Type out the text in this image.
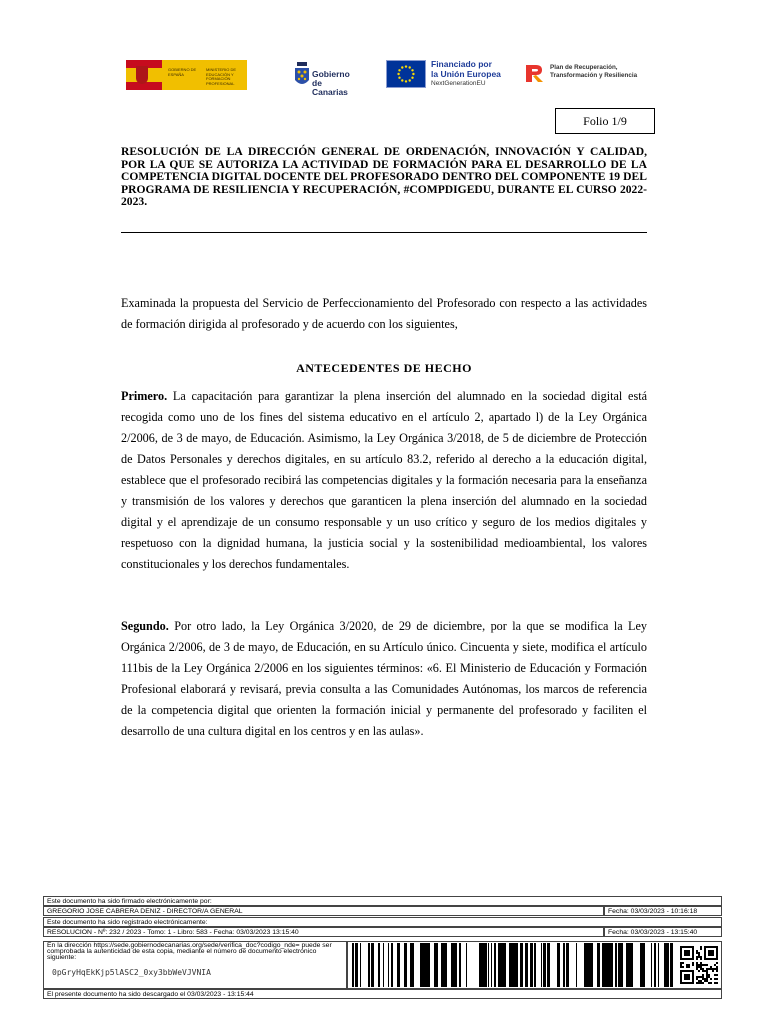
GOBIERNO DE ESPAÑA
MINISTERIO DE EDUCACIÓN Y FORMACIÓN PROFESIONAL
Gobierno
de Canarias
Financiado por
la Unión Europea
NextGenerationEU
Plan de Recuperación,
Transformación y Resiliencia
Folio 1/9
RESOLUCIÓN DE LA DIRECCIÓN GENERAL DE ORDENACIÓN, INNOVACIÓN Y CALIDAD, POR LA QUE SE AUTORIZA LA ACTIVIDAD DE FORMACIÓN PARA EL DESARROLLO DE LA COMPETENCIA DIGITAL DOCENTE DEL PROFESORADO DENTRO DEL COMPONENTE 19 DEL PROGRAMA DE RESILIENCIA Y RECUPERACIÓN, #COMPDIGEDU, DURANTE EL CURSO 2022-2023.

Examinada la propuesta del Servicio de Perfeccionamiento del Profesorado con respecto a las actividades de formación dirigida al profesorado y de acuerdo con los siguientes,

ANTECEDENTES DE HECHO

Primero. La capacitación para garantizar la plena inserción del alumnado en la sociedad digital está recogida como uno de los fines del sistema educativo en el artículo 2, apartado l) de la Ley Orgánica 2/2006, de 3 de mayo, de Educación. Asimismo, la Ley Orgánica 3/2018, de 5 de diciembre de Protección de Datos Personales y derechos digitales, en su artículo 83.2, referido al derecho a la educación digital, establece que el profesorado recibirá las competencias digitales y la formación necesaria para la enseñanza y transmisión de los valores y derechos que garanticen la plena inserción del alumnado en la sociedad digital y el aprendizaje de un consumo responsable y un uso crítico y seguro de los medios digitales y respetuoso con la dignidad humana, la justicia social y la sostenibilidad medioambiental, los valores constitucionales y los derechos fundamentales.

Segundo. Por otro lado, la Ley Orgánica 3/2020, de 29 de diciembre, por la que se modifica la Ley Orgánica 2/2006, de 3 de mayo, de Educación, en su Artículo único. Cincuenta y siete, modifica el artículo 111bis de la Ley Orgánica 2/2006 en los siguientes términos: «6. El Ministerio de Educación y Formación Profesional elaborará y revisará, previa consulta a las Comunidades Autónomas, los marcos de referencia de la competencia digital que orienten la formación inicial y permanente del profesorado y faciliten el desarrollo de una cultura digital en los centros y en las aulas».

Este documento ha sido firmado electrónicamente por:
GREGORIO JOSE CABRERA DENIZ - DIRECTOR/A GENERAL	Fecha: 03/03/2023 - 10:16:18
Este documento ha sido registrado electrónicamente:
RESOLUCION - Nº: 232 / 2023 - Tomo: 1 - Libro: 583 - Fecha: 03/03/2023 13:15:40	Fecha: 03/03/2023 - 13:15:40
En la dirección https://sede.gobiernodecanarias.org/sede/verifica_doc?codigo_nde= puede ser comprobada la autenticidad de esta copia, mediante el número de documento electrónico siguiente:
0pGryHqEkKjp5lASC2_0xy3bbWeVJVNIA
El presente documento ha sido descargado el 03/03/2023 - 13:15:44
